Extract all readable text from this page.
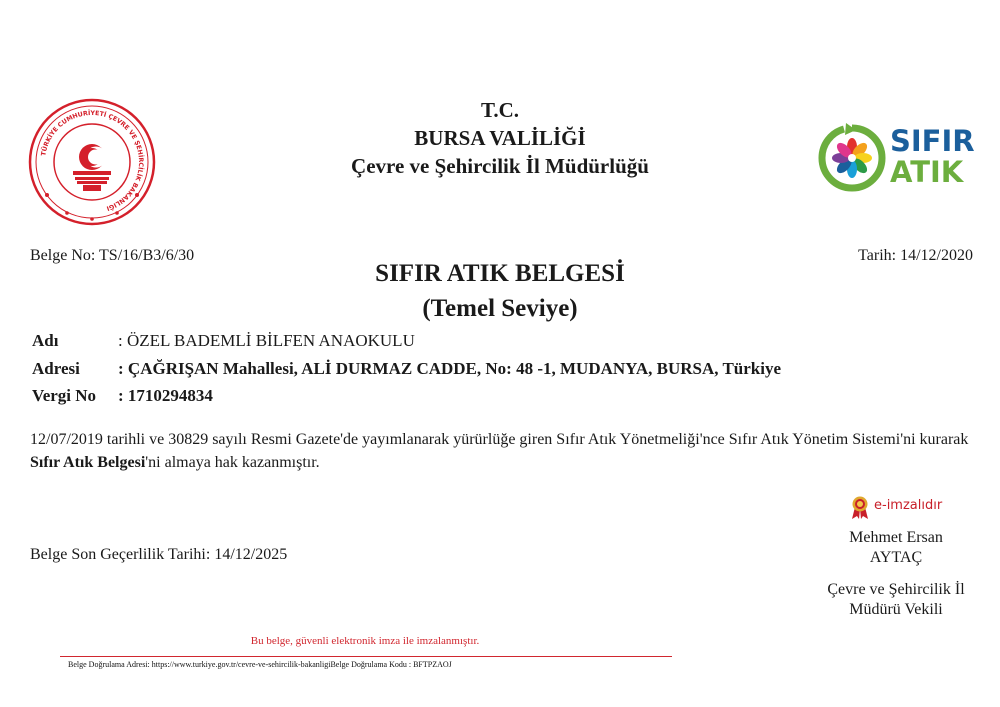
TÜRKİYE CUMHURİYETİ ÇEVRE VE ŞEHİRCİLİK BAKANLIĞI
T.C.
BURSA VALİLİĞİ
Çevre ve Şehircilik İl Müdürlüğü
SIFIR
ATIK
Belge No: TS/16/B3/6/30	Tarih: 14/12/2020
SIFIR ATIK BELGESİ
(Temel Seviye)
Adı	: ÖZEL BADEMLİ BİLFEN ANAOKULU
Adresi : ÇAĞRIŞAN Mahallesi, ALİ DURMAZ CADDE, No: 48 -1, MUDANYA, BURSA, Türkiye
Vergi No : 1710294834
12/07/2019 tarihli ve 30829 sayılı Resmi Gazete'de yayımlanarak yürürlüğe giren Sıfır Atık Yönetmeliği'nce Sıfır Atık Yönetim Sistemi'ni kurarak Sıfır Atık Belgesi'ni almaya hak kazanmıştır.
Belge Son Geçerlilik Tarihi: 14/12/2025
e-imzalıdır
Mehmet Ersan
AYTAÇ
Çevre ve Şehircilik İl
Müdürü Vekili
Bu belge, güvenli elektronik imza ile imzalanmıştır.
Belge Doğrulama Adresi: https://www.turkiye.gov.tr/cevre-ve-sehircilik-bakanligiBelge Doğrulama Kodu : BFTPZAOJ
